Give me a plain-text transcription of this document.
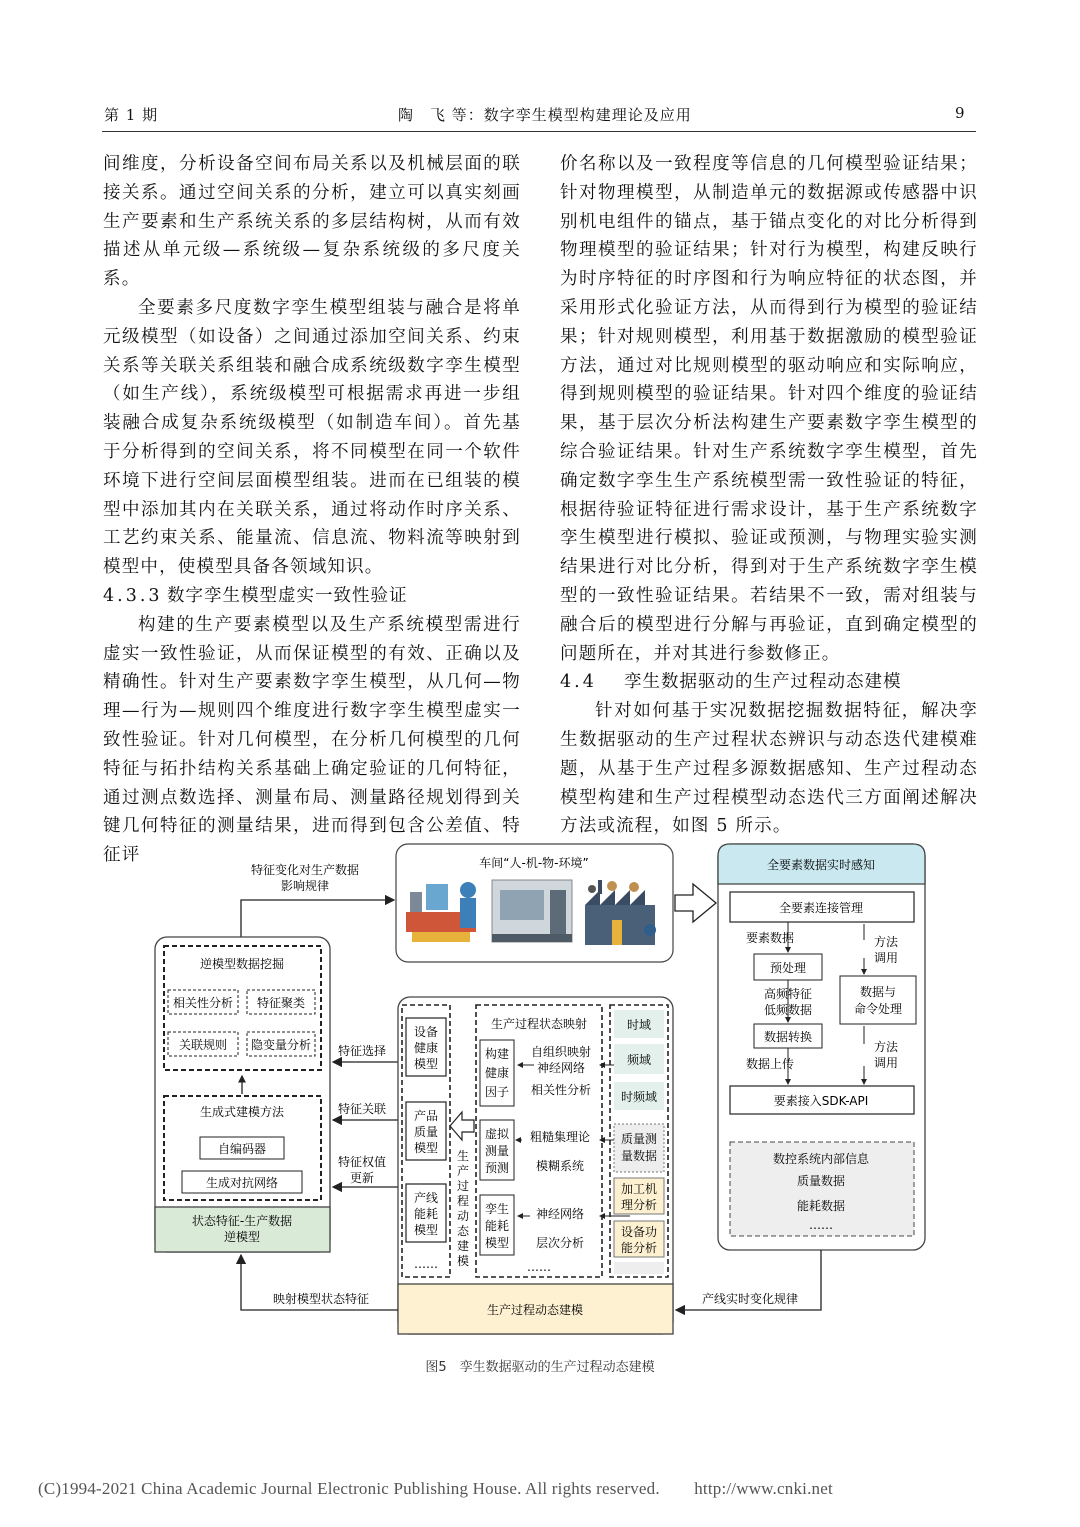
第 1 期	陶　飞 等：数字孪生模型构建理论及应用	9

间维度，分析设备空间布局关系以及机械层面的联接关系。通过空间关系的分析，建立可以真实刻画生产要素和生产系统关系的多层结构树，从而有效描述从单元级—系统级—复杂系统级的多尺度关系。

全要素多尺度数字孪生模型组装与融合是将单元级模型（如设备）之间通过添加空间关系、约束关系等关联关系组装和融合成系统级数字孪生模型（如生产线），系统级模型可根据需求再进一步组装融合成复杂系统级模型（如制造车间）。首先基于分析得到的空间关系，将不同模型在同一个软件环境下进行空间层面模型组装。进而在已组装的模型中添加其内在关联关系，通过将动作时序关系、工艺约束关系、能量流、信息流、物料流等映射到模型中，使模型具备各领域知识。

4.3.3 数字孪生模型虚实一致性验证

构建的生产要素模型以及生产系统模型需进行虚实一致性验证，从而保证模型的有效、正确以及精确性。针对生产要素数字孪生模型，从几何—物理—行为—规则四个维度进行数字孪生模型虚实一致性验证。针对几何模型，在分析几何模型的几何特征与拓扑结构关系基础上确定验证的几何特征，通过测点数选择、测量布局、测量路径规划得到关键几何特征的测量结果，进而得到包含公差值、特征评

价名称以及一致程度等信息的几何模型验证结果；针对物理模型，从制造单元的数据源或传感器中识别机电组件的锚点，基于锚点变化的对比分析得到物理模型的验证结果；针对行为模型，构建反映行为时序特征的时序图和行为响应特征的状态图，并采用形式化验证方法，从而得到行为模型的验证结果；针对规则模型，利用基于数据激励的模型验证方法，通过对比规则模型的驱动响应和实际响应，得到规则模型的验证结果。针对四个维度的验证结果，基于层次分析法构建生产要素数字孪生模型的综合验证结果。针对生产系统数字孪生模型，首先确定数字孪生生产系统模型需一致性验证的特征，根据待验证特征进行需求设计，基于生产系统数字孪生模型进行模拟、验证或预测，与物理实验实测结果进行对比分析，得到对于生产系统数字孪生模型的一致性验证结果。若结果不一致，需对组装与融合后的模型进行分解与再验证，直到确定模型的问题所在，并对其进行参数修正。

4.4 孪生数据驱动的生产过程动态建模

针对如何基于实况数据挖掘数据特征，解决孪生数据驱动的生产过程状态辨识与动态迭代建模难题，从基于生产过程多源数据感知、生产过程动态模型构建和生产过程模型动态迭代三方面阐述解决方法或流程，如图 5 所示。

特征变化对生产数据
影响规律
车间“人-机-物-环境”
逆模型数据挖掘
相关性分析 特征聚类
关联规则 隐变量分析
生成式建模方法
自编码器
生成对抗网络
状态特征-生产数据
逆模型
特征选择
特征关联
特征权值
更新
生产过程动态建模
设备
健康
模型
产品
质量
模型
产线
能耗
模型
……
生产过程动态建模
生产过程状态映射
构建
健康
因子
虚拟
测量
预测
孪生
能耗
模型
自组织映射
神经网络
相关性分析
粗糙集理论
模糊系统
神经网络
层次分析
……
时域
频域
时频域
质量测
量数据
加工机
理分析
设备功
能分析
全要素数据实时感知
全要素连接管理
要素数据
预处理
高频特征
低频数据
数据转换
数据上传
数据与
命令处理
方法
调用
方法
调用
要素接入SDK-API
数控系统内部信息
质量数据
能耗数据
……
产线实时变化规律
映射模型状态特征
图5　孪生数据驱动的生产过程动态建模
(C)1994-2021 China Academic Journal Electronic Publishing House. All rights reserved.　　http://www.cnki.net
